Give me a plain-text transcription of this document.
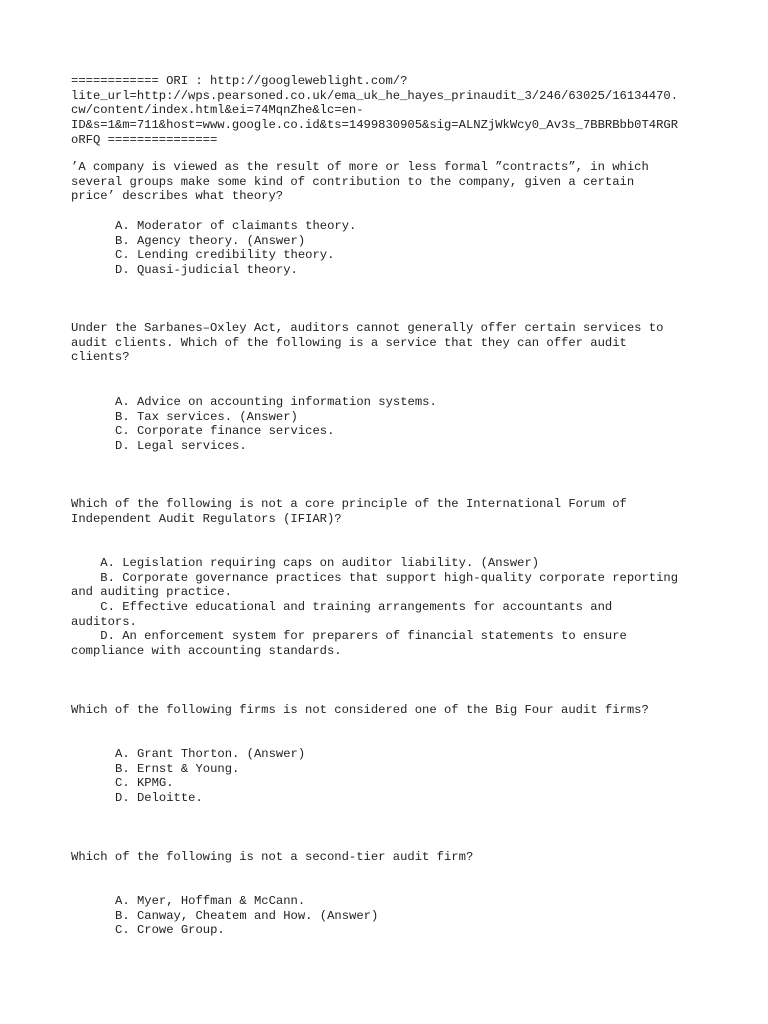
============ ORI : http://googleweblight.com/?
lite_url=http://wps.pearsoned.co.uk/ema_uk_he_hayes_prinaudit_3/246/63025/16134470.
cw/content/index.html&ei=74MqnZhe&lc=en-
ID&s=1&m=711&host=www.google.co.id&ts=1499830905&sig=ALNZjWkWcy0_Av3s_7BBRBbb0T4RGR
oRFQ ===============
’A company is viewed as the result of more or less formal ”contracts”, in which
several groups make some kind of contribution to the company, given a certain
price’ describes what theory?
A. Moderator of claimants theory.
B. Agency theory. (Answer)
C. Lending credibility theory.
D. Quasi-judicial theory.
Under the Sarbanes–Oxley Act, auditors cannot generally offer certain services to
audit clients. Which of the following is a service that they can offer audit
clients?
A. Advice on accounting information systems.
B. Tax services. (Answer)
C. Corporate finance services.
D. Legal services.
Which of the following is not a core principle of the International Forum of
Independent Audit Regulators (IFIAR)?
A. Legislation requiring caps on auditor liability. (Answer)
B. Corporate governance practices that support high-quality corporate reporting
and auditing practice.
C. Effective educational and training arrangements for accountants and
auditors.
D. An enforcement system for preparers of financial statements to ensure
compliance with accounting standards.
Which of the following firms is not considered one of the Big Four audit firms?
A. Grant Thorton. (Answer)
B. Ernst & Young.
C. KPMG.
D. Deloitte.
Which of the following is not a second-tier audit firm?
A. Myer, Hoffman & McCann.
B. Canway, Cheatem and How. (Answer)
C. Crowe Group.
